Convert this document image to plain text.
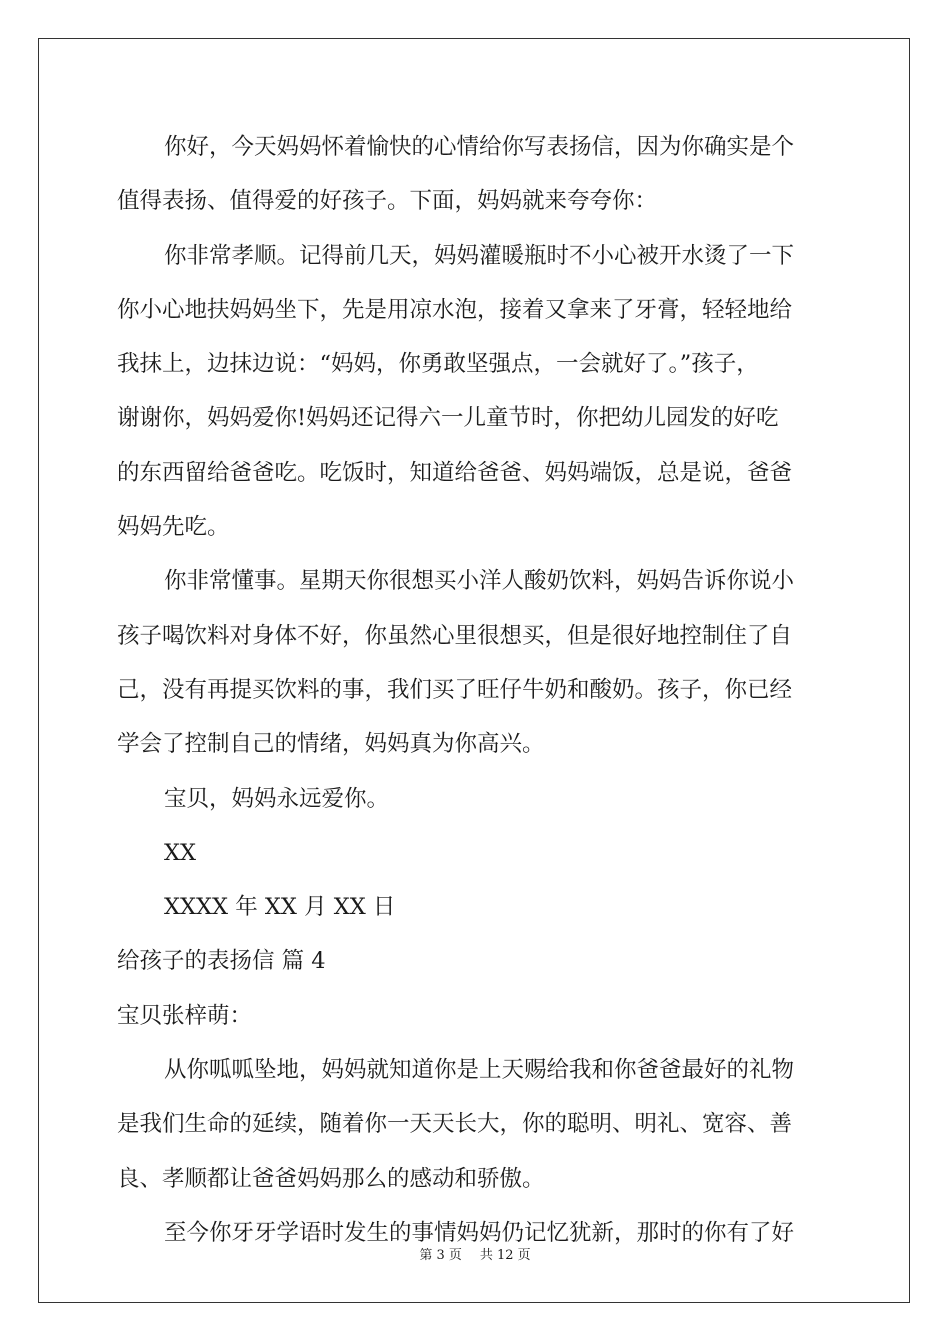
你好，今天妈妈怀着愉快的心情给你写表扬信，因为你确实是个
值得表扬、值得爱的好孩子。下面，妈妈就来夸夸你：
你非常孝顺。记得前几天，妈妈灌暖瓶时不小心被开水烫了一下
你小心地扶妈妈坐下，先是用凉水泡，接着又拿来了牙膏，轻轻地给
我抹上，边抹边说：“妈妈，你勇敢坚强点，一会就好了。”孩子，
谢谢你，妈妈爱你!妈妈还记得六一儿童节时，你把幼儿园发的好吃
的东西留给爸爸吃。吃饭时，知道给爸爸、妈妈端饭，总是说，爸爸
妈妈先吃。
你非常懂事。星期天你很想买小洋人酸奶饮料，妈妈告诉你说小
孩子喝饮料对身体不好，你虽然心里很想买，但是很好地控制住了自
己，没有再提买饮料的事，我们买了旺仔牛奶和酸奶。孩子，你已经
学会了控制自己的情绪，妈妈真为你高兴。
宝贝，妈妈永远爱你。
XX
XXXX 年 XX 月 XX 日
给孩子的表扬信 篇 4
宝贝张梓萌：
从你呱呱坠地，妈妈就知道你是上天赐给我和你爸爸最好的礼物
是我们生命的延续，随着你一天天长大，你的聪明、明礼、宽容、善
良、孝顺都让爸爸妈妈那么的感动和骄傲。
至今你牙牙学语时发生的事情妈妈仍记忆犹新，那时的你有了好
第 3 页 共 12 页
